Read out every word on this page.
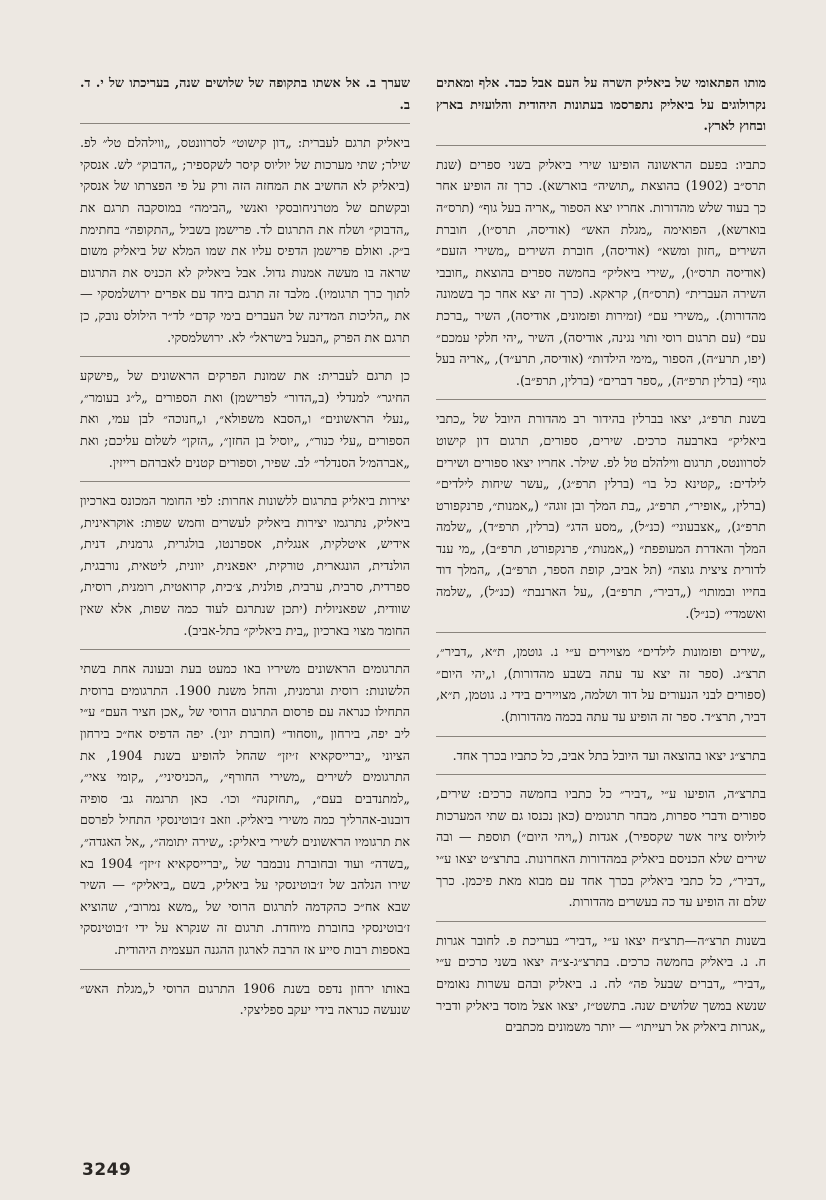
מותו הפתאומי של ביאליק השרה על העם אבל כבד. אלף ומאתים נקרולוגים על ביאליק נתפרסמו בעתונות היהודית והלועזית בארץ ובחוץ לארץ.

כתביו: בפעם הראשונה הופיעו שירי ביאליק בשני ספרים (שנת תרס״ב (1902) בהוצאת „תושיה״ בוארשא). כרך זה הופיע אחר כך בעוד שלש מהדורות. אחריו יצא הספור „אריה בעל גוף״ (תרס״ה בוארשא), הפואימה „מגלת האש״ (אודיסה, תרס״ו), חוברת השירים „חזון ומשא״ (אודיסה), חוברת השירים „משירי הזעם״ (אודיסה תרס״ו), „שירי ביאליק״ בחמשה ספרים בהוצאת „חובבי השירה העברית״ (תרס״ח), קראקא. (כרך זה יצא אחר כך בשמונה מהדורות). „משירי עם״ (זמירות ופזמונים, אודיסה), השיר „ברכת עם״ (עם תרגום רוסי ותוי נגינה, אודיסה), השיר „יהי חלקי עמכם״ (יפו, תרע״ה), הספור „מימי הילדות״ (אודיסה, תרע״ד), „אריה בעל גוף״ (ברלין תרפ״ה), „ספר דברים״ (ברלין, תרפ״ב).

בשנת תרפ״ג, יצאו בברלין בהידור רב מהדורת היובל של „כתבי ביאליק״ בארבעה כרכים. שירים, ספורים, תרגום דון קישוט לסרוונטס, תרגום ווילהלם טל לפ. שילר. אחריו יצאו ספורים ושירים לילדים: „קטינא כל בו״ (ברלין תרפ״ג), „עשר שיחות לילדים״ (ברלין, „אופיר״, תרפ״ג, „בת המלך ובן זוגה״ („אמנות״, פרנקפורט תרפ״ג), „אצבעוני״ (כנ״ל), „מסע הדג״ (ברלין, תרפ״ד), „שלמה המלך והאדרת המעופפת״ („אמנות״, פרנקפורט, תרפ״ב), „מי ענד לדורית ציצית גוצה״ (תל אביב, קופת הספר, תרפ״ב), „המלך דוד בחייו ובמותו״ („דביר״, תרפ״ב), „על הארנבת״ (כנ״ל), „שלמה ואשמדי״ (כנ״ל).

„שירים ופזמונות לילדים״ מצויירים ע״י נ. גוטמן, ת״א, „דביר״, תרצ״ג. (ספר זה יצא עד עתה בשבע מהדורות), ו„יהי היום״ (ספורים לבני הנעורים על דוד ושלמה, מצויירים בידי נ. גוטמן, ת״א, דביר, תרצ״ד. ספר זה הופיע עד עתה בכמה מהדורות).

בתרצ״ג יצאו בהוצאה ועד היובל בתל אביב, כל כתביו בכרך אחד.

בתרצ״ה, הופיעו ע״י „דביר״ כל כתביו בחמשה כרכים: שירים, ספורים ודברי ספרות, מבחר תרגומים (כאן נכנסו גם שתי המערכות ליוליוס ציזר אשר שקספיר), אגדות („ויהי היום״) תוספת — ובה שירים שלא הכניסם ביאליק במהדורות האחרונות. בתרצ״ט יצאו ע״י „דביר״, כל כתבי ביאליק בכרך אחד עם מבוא מאת פיכמן. כרך שלם זה הופיע עד כה בעשרים מהדורות.

בשנות תרצ״ה—תרצ״ח יצאו ע״י „דביר״ בעריכת פ. לחובר אגרות ח. נ. ביאליק בחמשה כרכים. בתרצ״ג-צ״ה יצאו בשני כרכים ע״י „דביר״ „דברים שבעל פה״ לח. נ. ביאליק ובהם עשרות נאומים שנשא במשך שלושים שנה. בתשט״ז, יצאו אצל מוסד ביאליק ודביר „אגרות ביאליק אל רעייתו״ — יותר משמונים מכתבים

שערך ב. אל אשתו בתקופה של שלושים שנה, בעריכתו של י. ד. ב.

ביאליק תרגם לעברית: „דון קישוט״ לסרוונטס, „ווילהלם טל״ לפ. שילר; שתי מערכות של יוליוס קיסר לשקספיר; „הדבוק״ לש. אנסקי (ביאליק לא החשיב את המחזה הזה ורק על פי הפצרתו של אנסקי ובקשתם של מטרניחובסקי ואנשי „הבימה״ במוסקבה תרגם את „הדבוק״ ושלח את התרגום לד. פרישמן בשביל „התקופה״ בחתימת ב״ק. ואולם פרישמן הדפיס עליו את שמו המלא של ביאליק משום שראה בו מעשה אמנות גדול. אבל ביאליק לא הכניס את התרגום לתוך כרך תרגומיו). מלבד זה תרגם ביחד עם אפרים ירושלמסקי — את „הליכות המדינה של העברים בימי קדם״ לד״ר הילולס נובק, כן תרגם את הפרק „הבעל בישראל״ לא. ירושלמסקי.

כן תרגם לעברית: את שמונת הפרקים הראשונים של „פישקע החיגר״ למנדלי (ב„הדור״ לפרישמן) ואת הספורים „ל״ג בעומר״, „נעלי הראשונים״ ו„הסבא משפולא״, ו„חנוכה״ לבן עמי, ואת הספורים „עלי כנור״, „יוסיל בן החזן״, „הזקן״ לשלום עליכם; ואת „אברהמ׳ל הסנדלר״ לב. שפיר, וספורים קטנים לאברהם רייזין.

יצירות ביאליק בתרגום ללשונות אחרות: לפי החומר המכונס בארכיון ביאליק, נתרגמו יצירות ביאליק לעשרים וחמש שפות: אוקראינית, אידיש, איטלקית, אנגלית, אספרנטו, בולגרית, גרמנית, דנית, הולנדית, הונגארית, טורקית, יאפאנית, יוונית, ליטאית, נורבגית, ספרדית, סרבית, ערבית, פולנית, צ׳כית, קרואטית, רומנית, רוסית, שוודית, שפאניולית (יתכן שנתרגם לעוד כמה שפות, אלא שאין החומר מצוי בארכיון „בית ביאליק״ בתל-אביב).

התרגומים הראשונים משיריו באו כמעט בעת ובעונה אחת בשתי הלשונות: רוסית וגרמנית, והחל משנת 1900. התרגומים ברוסית התחילו כנראה עם פרסום התרגום הרוסי של „אכן חציר העם״ ע״י ליב יפה, בירחון „ווסחוד״ (חוברת יוני). יפה הדפיס אח״כ בירחון הציוני „יברייסקאיא ז׳יזן״ שהחל להופיע בשנת 1904, את התרגומים לשירים „משירי החורף״, „הכניסיני״, „קומי צאי״, „למתנדבים בעם״, „תחזקנה״ וכו׳. כאן תרגמה גב׳ סופיה דובנוב-אהרליך כמה משירי ביאליק. וזאב ז׳בוטינסקי התחיל לפרסם את תרגומיו הראשונים לשירי ביאליק: „שירה יתומה״, „אל האגדה״, „בשדה״ ועוד ובחוברת נובמבר של „יברייסקאיא ז׳יזן״ 1904 בא שירו הנלהב של ז׳בוטינסקי על ביאליק, בשם „ביאליק״ — השיר שבא אח״כ כהקדמה לתרגום הרוסי של „משא נמרוב״, שהוציא ז׳בוטינסקי בחוברת מיוחדת. תרגום זה שנקרא על ידי ז׳בוטינסקי באספות רבות סייע אז הרבה לארגון ההגנה העצמית היהודית.

באותו ירחון נדפס בשנת 1906 התרגום הרוסי ל„מגלת האש״ שנעשה כנראה בידי יעקב ספליצקי.

3249
